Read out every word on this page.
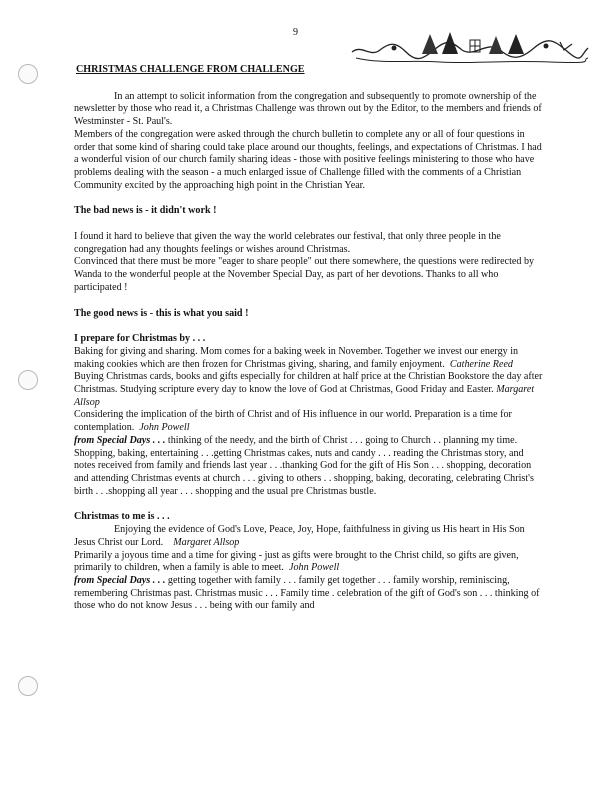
9
CHRISTMAS CHALLENGE FROM CHALLENGE

In an attempt to solicit information from the congregation and subsequently to promote ownership of the newsletter by those who read it, a Christmas Challenge was thrown out by the Editor, to the members and friends of Westminster - St. Paul's.

Members of the congregation were asked through the church bulletin to complete any or all of four questions in order that some kind of sharing could take place around our thoughts, feelings, and expectations of Christmas. I had a wonderful vision of our church family sharing ideas - those with positive feelings ministering to those who have problems dealing with the season - a much enlarged issue of Challenge filled with the comments of a Christian Community excited by the approaching high point in the Christian Year.

The bad news is - it didn't work !

I found it hard to believe that given the way the world celebrates our festival, that only three people in the congregation had any thoughts feelings or wishes around Christmas.

Convinced that there must be more "eager to share people" out there somewhere, the questions were redirected by Wanda to the wonderful people at the November Special Day, as part of her devotions. Thanks to all who participated !

The good news is - this is what you said !

I prepare for Christmas by . . .

Baking for giving and sharing. Mom comes for a baking week in November. Together we invest our energy in making cookies which are then frozen for Christmas giving, sharing, and family enjoyment. Catherine Reed

Buying Christmas cards, books and gifts especially for children at half price at the Christian Bookstore the day after Christmas. Studying scripture every day to know the love of God at Christmas, Good Friday and Easter. Margaret Allsop

Considering the implication of the birth of Christ and of His influence in our world. Preparation is a time for contemplation. John Powell

from Special Days . . . thinking of the needy, and the birth of Christ . . . going to Church . . planning my time. Shopping, baking, entertaining . . .getting Christmas cakes, nuts and candy . . . reading the Christmas story, and notes received from family and friends last year . . .thanking God for the gift of His Son . . . shopping, decoration and attending Christmas events at church . . . giving to others . . shopping, baking, decorating, celebrating Christ's birth . . .shopping all year . . . shopping and the usual pre Christmas bustle.

Christmas to me is . . .

Enjoying the evidence of God's Love, Peace, Joy, Hope, faithfulness in giving us His heart in His Son Jesus Christ our Lord. Margaret Allsop

Primarily a joyous time and a time for giving - just as gifts were brought to the Christ child, so gifts are given, primarily to children, when a family is able to meet. John Powell

from Special Days . . . getting together with family . . . family get together . . . family worship, reminiscing, remembering Christmas past. Christmas music . . . Family time . celebration of the gift of God's son . . . thinking of those who do not know Jesus . . . being with our family and
